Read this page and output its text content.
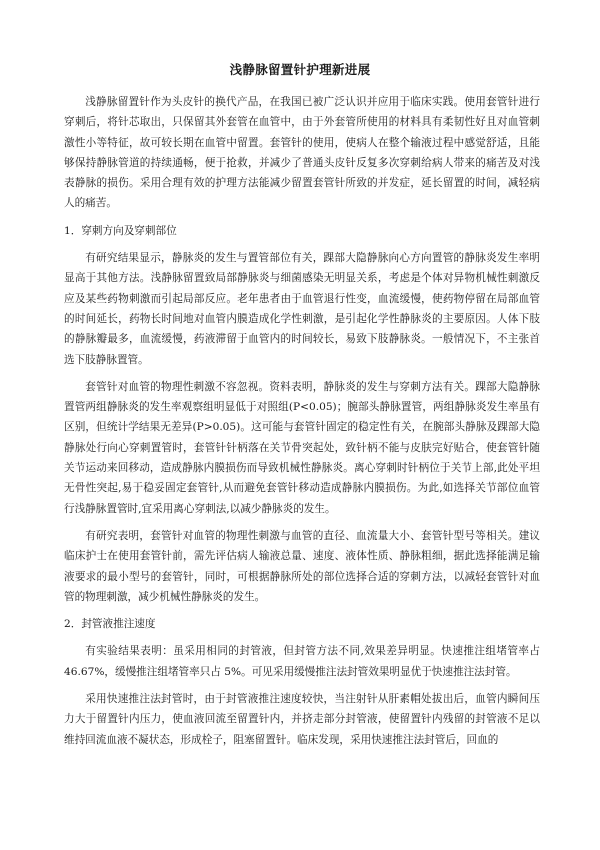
浅静脉留置针护理新进展

浅静脉留置针作为头皮针的换代产品，在我国已被广泛认识并应用于临床实践。使用套管针进行穿刺后，将针芯取出，只保留其外套管在血管中，由于外套管所使用的材料具有柔韧性好且对血管刺激性小等特征，故可较长期在血管中留置。套管针的使用，使病人在整个输液过程中感觉舒适，且能够保持静脉管道的持续通畅，便于抢救，并减少了普通头皮针反复多次穿刺给病人带来的痛苦及对浅表静脉的损伤。采用合理有效的护理方法能减少留置套管针所致的并发症，延长留置的时间，减轻病人的痛苦。

1．穿刺方向及穿刺部位

有研究结果显示，静脉炎的发生与置管部位有关，踝部大隐静脉向心方向置管的静脉炎发生率明显高于其他方法。浅静脉留置致局部静脉炎与细菌感染无明显关系，考虑是个体对异物机械性刺激反应及某些药物刺激而引起局部反应。老年患者由于血管退行性变，血流缓慢，使药物停留在局部血管的时间延长，药物长时间地对血管内膜造成化学性刺激，是引起化学性静脉炎的主要原因。人体下肢的静脉瓣最多，血流缓慢，药液滞留于血管内的时间较长，易致下肢静脉炎。一般情况下，不主张首选下肢静脉置管。

套管针对血管的物理性刺激不容忽视。资料表明，静脉炎的发生与穿刺方法有关。踝部大隐静脉置管两组静脉炎的发生率观察组明显低于对照组(P<0.05)；腕部头静脉置管，两组静脉炎发生率虽有区别，但统计学结果无差异(P>0.05)。这可能与套管针固定的稳定性有关，在腕部头静脉及踝部大隐静脉处行向心穿刺置管时，套管针针柄落在关节骨突起处，致针柄不能与皮肤完好贴合，使套管针随关节运动来回移动，造成静脉内膜损伤而导致机械性静脉炎。离心穿刺时针柄位于关节上部,此处平坦无骨性突起,易于稳妥固定套管针,从而避免套管针移动造成静脉内膜损伤。为此,如选择关节部位血管行浅静脉置管时,宜采用离心穿刺法,以减少静脉炎的发生。

有研究表明，套管针对血管的物理性刺激与血管的直径、血流量大小、套管针型号等相关。建议临床护士在使用套管针前，需先评估病人输液总量、速度、液体性质、静脉粗细，据此选择能满足输液要求的最小型号的套管针，同时，可根据静脉所处的部位选择合适的穿刺方法，以减轻套管针对血管的物理刺激，减少机械性静脉炎的发生。

2．封管液推注速度

有实验结果表明：虽采用相同的封管液，但封管方法不同,效果差异明显。快速推注组堵管率占46.67%，缓慢推注组堵管率只占 5%。可见采用缓慢推注法封管效果明显优于快速推注法封管。

采用快速推注法封管时，由于封管液推注速度较快，当注射针从肝素帽处拔出后，血管内瞬间压力大于留置针内压力，使血液回流至留置针内，并挤走部分封管液，使留置针内残留的封管液不足以维持回流血液不凝状态，形成栓子，阻塞留置针。临床发现，采用快速推注法封管后，回血的
